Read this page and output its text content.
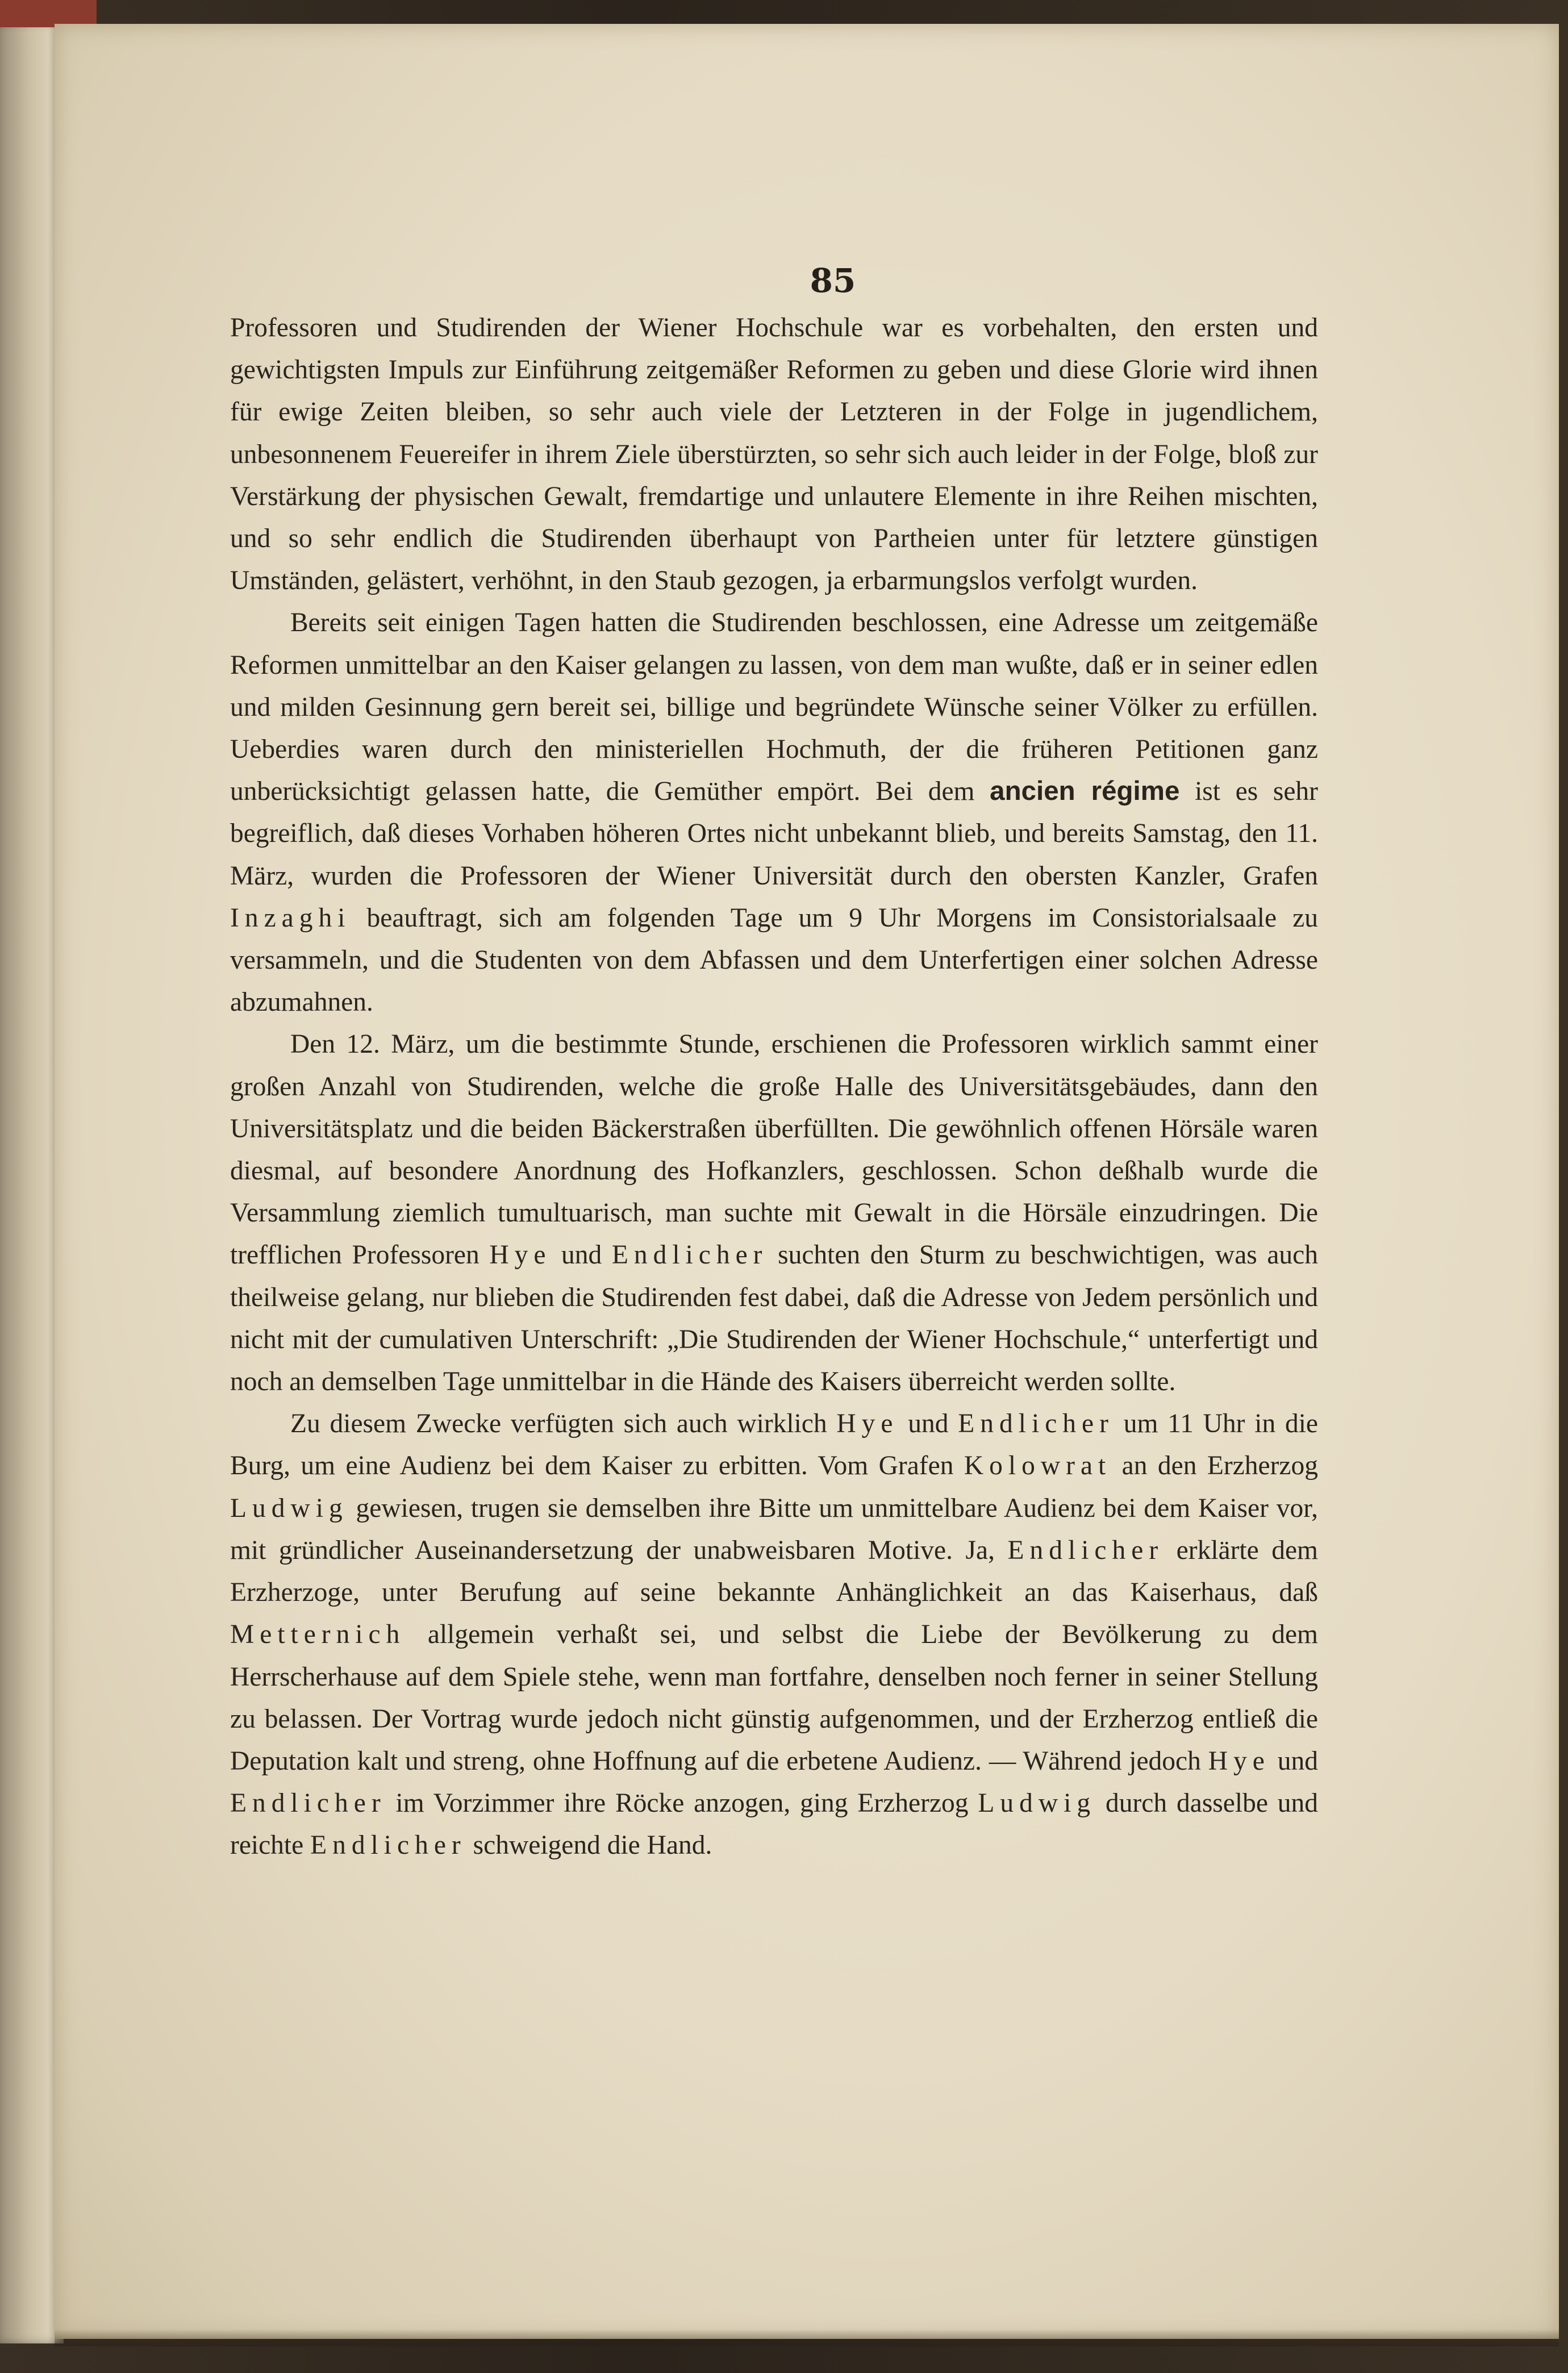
85

Professoren und Studirenden der Wiener Hochschule war es vorbehalten, den ersten und gewichtigsten Impuls zur Einführung zeitgemäßer Reformen zu geben und diese Glorie wird ihnen für ewige Zeiten bleiben, so sehr auch viele der Letzteren in der Folge in jugendlichem, unbesonnenem Feuereifer in ihrem Ziele überstürzten, so sehr sich auch leider in der Folge, bloß zur Verstärkung der physischen Gewalt, fremdartige und unlautere Elemente in ihre Reihen mischten, und so sehr endlich die Studirenden überhaupt von Partheien unter für letztere günstigen Umständen, gelästert, verhöhnt, in den Staub gezogen, ja erbarmungslos verfolgt wurden.

Bereits seit einigen Tagen hatten die Studirenden beschlossen, eine Adresse um zeitgemäße Reformen unmittelbar an den Kaiser gelangen zu lassen, von dem man wußte, daß er in seiner edlen und milden Gesinnung gern bereit sei, billige und begründete Wünsche seiner Völker zu erfüllen. Ueberdies waren durch den ministeriellen Hochmuth, der die früheren Petitionen ganz unberücksichtigt gelassen hatte, die Gemüther empört. Bei dem ancien régime ist es sehr begreiflich, daß dieses Vorhaben höheren Ortes nicht unbekannt blieb, und bereits Samstag, den 11. März, wurden die Professoren der Wiener Universität durch den obersten Kanzler, Grafen Inzaghi beauftragt, sich am folgenden Tage um 9 Uhr Morgens im Consistorialsaale zu versammeln, und die Studenten von dem Abfassen und dem Unterfertigen einer solchen Adresse abzumahnen.

Den 12. März, um die bestimmte Stunde, erschienen die Professoren wirklich sammt einer großen Anzahl von Studirenden, welche die große Halle des Universitätsgebäudes, dann den Universitätsplatz und die beiden Bäckerstraßen überfüllten. Die gewöhnlich offenen Hörsäle waren diesmal, auf besondere Anordnung des Hofkanzlers, geschlossen. Schon deßhalb wurde die Versammlung ziemlich tumultuarisch, man suchte mit Gewalt in die Hörsäle einzudringen. Die trefflichen Professoren Hye und Endlicher suchten den Sturm zu beschwichtigen, was auch theilweise gelang, nur blieben die Studirenden fest dabei, daß die Adresse von Jedem persönlich und nicht mit der cumulativen Unterschrift: „Die Studirenden der Wiener Hochschule,“ unterfertigt und noch an demselben Tage unmittelbar in die Hände des Kaisers überreicht werden sollte.

Zu diesem Zwecke verfügten sich auch wirklich Hye und Endlicher um 11 Uhr in die Burg, um eine Audienz bei dem Kaiser zu erbitten. Vom Grafen Kolowrat an den Erzherzog Ludwig gewiesen, trugen sie demselben ihre Bitte um unmittelbare Audienz bei dem Kaiser vor, mit gründlicher Auseinandersetzung der unabweisbaren Motive. Ja, Endlicher erklärte dem Erzherzoge, unter Berufung auf seine bekannte Anhänglichkeit an das Kaiserhaus, daß Metternich allgemein verhaßt sei, und selbst die Liebe der Bevölkerung zu dem Herrscherhause auf dem Spiele stehe, wenn man fortfahre, denselben noch ferner in seiner Stellung zu belassen. Der Vortrag wurde jedoch nicht günstig aufgenommen, und der Erzherzog entließ die Deputation kalt und streng, ohne Hoffnung auf die erbetene Audienz. — Während jedoch Hye und Endlicher im Vorzimmer ihre Röcke anzogen, ging Erzherzog Ludwig durch dasselbe und reichte Endlicher schweigend die Hand.
